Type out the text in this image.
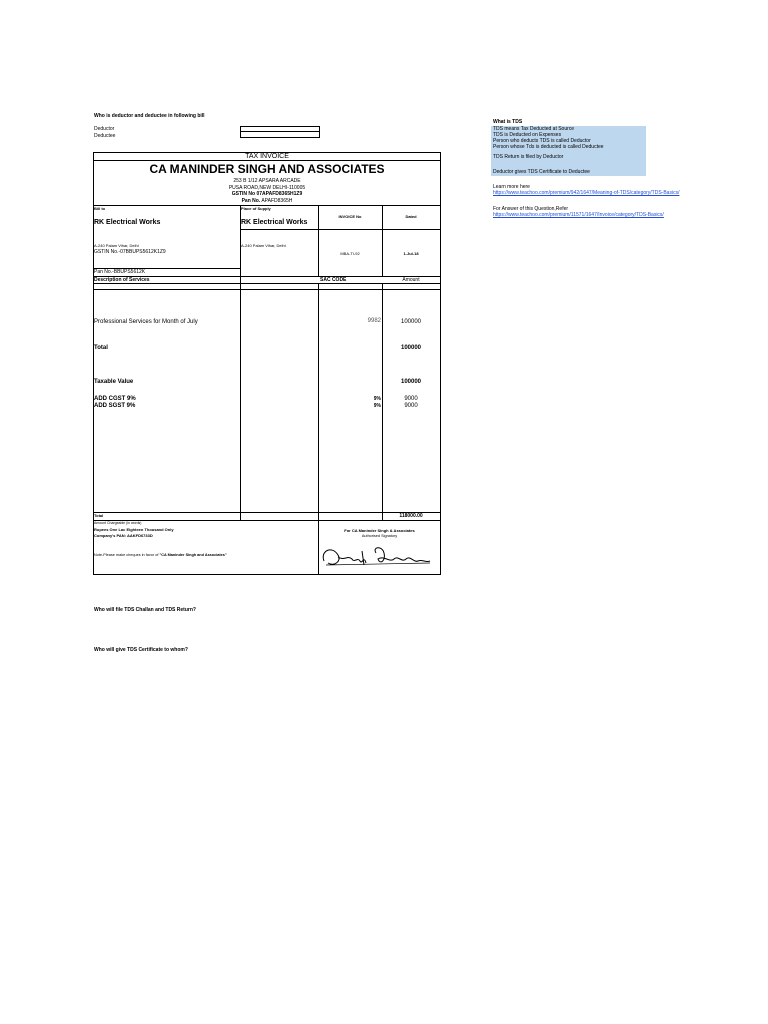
Who is deductor and deductee in following bill
Deductor
Deductee
TAX INVOICE
CA MANINDER SINGH AND ASSOCIATES
253 B 1/12 APSARA ARCADE
PUSA ROAD,NEW DELHI-110005
GSTIN No 07APAFD8365H1Z9
Pan No. APAFD8365H
Bill to	Place of Supply
INVOICE No	Dated
RK Electrical Works	RK Electrical Works
A-240 Palam Vihar, Delhi
GSTIN No.-07BBUPS5612K1Z9
A-240 Palam Vihar, Delhi
MBA-TI-92	1-Jul-18
Pan No.-BBUPS5612K
Description of Services	SAC CODE	Amount
Professional Services for Month of July	9982	100000
Total	100000
Taxable Value	100000
ADD CGST 9%	9%	9000
ADD SGST 9%	9%	9000
Total	118000.00
Amount Chargeable (in words)
Rupees One Lac Eighteen Thousand Only
Company's PAN: AAKFD6733D
Note-Please make cheques in favor of "CA Maninder Singh and Associates"
For CA Maninder Singh & Associates
Authorised Signatory
Who will file TDS Challan and TDS Return?
Who will give TDS Certificate to whom?
What is TDS
TDS means Tax Deducted at Source
TDS is Deducted on Expenses
Person who deducts TDS is called Deductor
Person whose Tds is deducted is called Deductee
TDS Return is filed by Deductor
Deductor gives TDS Certificate to Deductee
Learn more here
https://www.teachoo.com/premium/942/1647/Meaning-of-TDS/category/TDS-Basics/
For Answer of this Question,Refer
https://www.teachoo.com/premium/11571/1647/Invoice/category/TDS-Basics/
